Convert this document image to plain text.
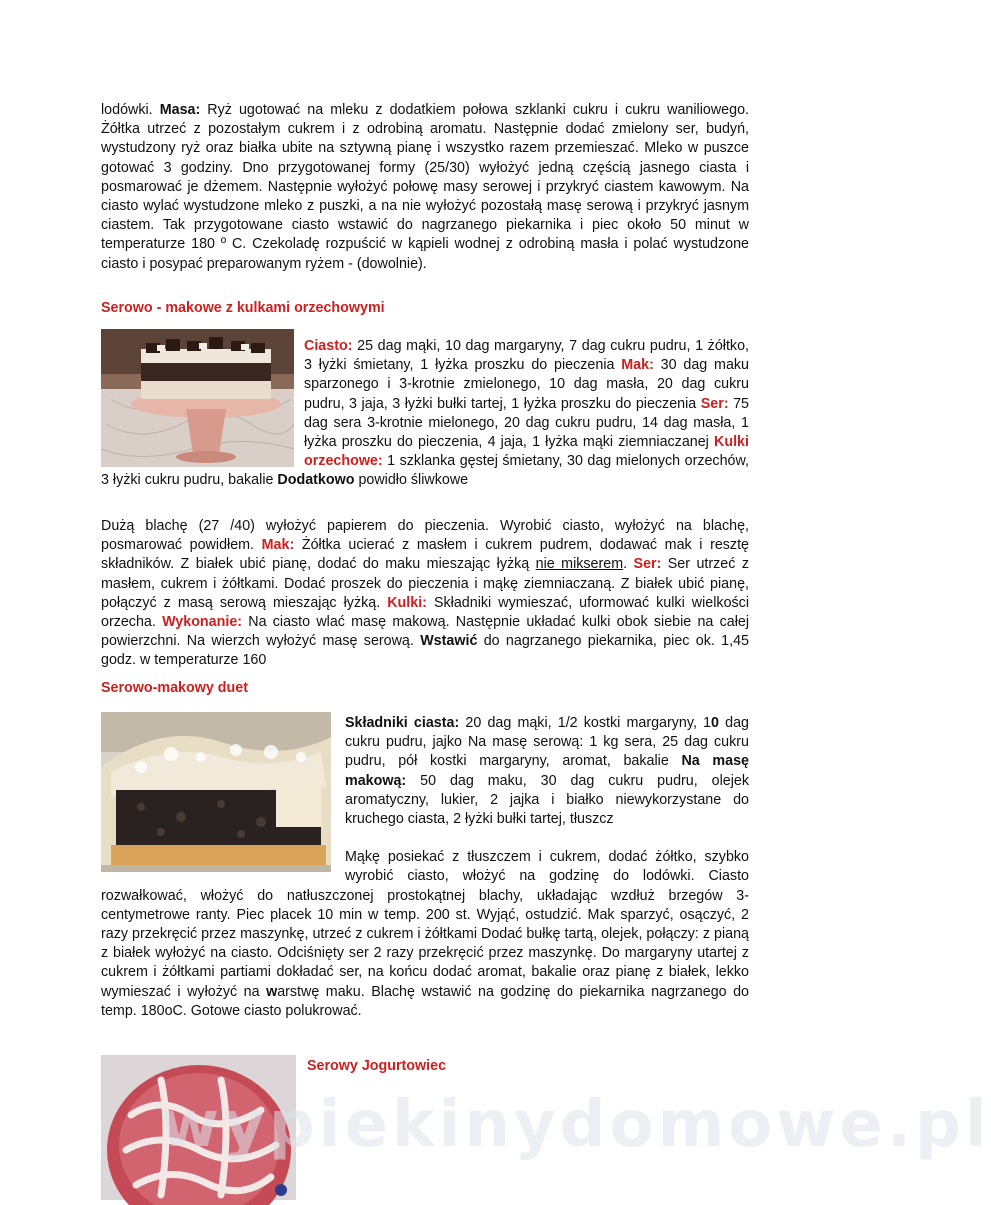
lodówki. Masa: Ryż ugotować na mleku z dodatkiem połowa szklanki cukru i cukru waniliowego. Żółtka utrzeć z pozostałym cukrem i z odrobiną aromatu. Następnie dodać zmielony ser, budyń, wystudzony ryż oraz białka ubite na sztywną pianę i wszystko razem przemieszać. Mleko w puszce gotować 3 godziny. Dno przygotowanej formy (25/30) wyłożyć jedną częścią jasnego ciasta i posmarować je dżemem. Następnie wyłożyć połowę masy serowej i przykryć ciastem kawowym. Na ciasto wylać wystudzone mleko z puszki, a na nie wyłożyć pozostałą masę serową i przykryć jasnym ciastem. Tak przygotowane ciasto wstawić do nagrzanego piekarnika i piec około 50 minut w temperaturze 180 º C. Czekoladę rozpuścić w kąpieli wodnej z odrobiną masła i polać wystudzone ciasto i posypać preparowanym ryżem - (dowolnie).

Serowo - makowe z kulkami orzechowymi

Ciasto: 25 dag mąki, 10 dag margaryny, 7 dag cukru pudru, 1 żółtko, 3 łyżki śmietany, 1 łyżka proszku do pieczenia Mak: 30 dag maku sparzonego i 3-krotnie zmielonego, 10 dag masła, 20 dag cukru pudru, 3 jaja, 3 łyżki bułki tartej, 1 łyżka proszku do pieczenia Ser: 75 dag sera 3-krotnie mielonego, 20 dag cukru pudru, 14 dag masła, 1 łyżka proszku do pieczenia, 4 jaja, 1 łyżka mąki ziemniaczanej Kulki orzechowe: 1 szklanka gęstej śmietany, 30 dag mielonych orzechów, 3 łyżki cukru pudru, bakalie Dodatkowo powidło śliwkowe

Dużą blachę (27 /40) wyłożyć papierem do pieczenia. Wyrobić ciasto, wyłożyć na blachę, posmarować powidłem. Mak: Żółtka ucierać z masłem i cukrem pudrem, dodawać mak i resztę składników. Z białek ubić pianę, dodać do maku mieszając łyżką nie mikserem. Ser: Ser utrzeć z masłem, cukrem i żółtkami. Dodać proszek do pieczenia i mąkę ziemniaczaną. Z białek ubić pianę, połączyć z masą serową mieszając łyżką. Kulki: Składniki wymieszać, uformować kulki wielkości orzecha. Wykonanie: Na ciasto wlać masę makową. Następnie układać kulki obok siebie na całej powierzchni. Na wierzch wyłożyć masę serową. Wstawić do nagrzanego piekarnika, piec ok. 1,45 godz. w temperaturze 160

Serowo-makowy duet

Składniki ciasta: 20 dag mąki, 1/2 kostki margaryny, 10 dag cukru pudru, jajko Na masę serową: 1 kg sera, 25 dag cukru pudru, pół kostki margaryny, aromat, bakalie Na masę makową: 50 dag maku, 30 dag cukru pudru, olejek aromatyczny, lukier, 2 jajka i białko niewykorzystane do kruchego ciasta, 2 łyżki bułki tartej, tłuszcz
Mąkę posiekać z tłuszczem i cukrem, dodać żółtko, szybko wyrobić ciasto, włożyć na godzinę do lodówki. Ciasto rozwałkować, włożyć do natłuszczonej prostokątnej blachy, układając wzdłuż brzegów 3-centymetrowe ranty. Piec placek 10 min w temp. 200 st. Wyjąć, ostudzić. Mak sparzyć, osączyć, 2 razy przekręcić przez maszynkę, utrzeć z cukrem i żółtkami Dodać bułkę tartą, olejek, połączy: z pianą z białek wyłożyć na ciasto. Odciśnięty ser 2 razy przekręcić przez maszynkę. Do margaryny utartej z cukrem i żółtkami partiami dokładać ser, na końcu dodać aromat, bakalie oraz pianę z białek, lekko wymieszać i wyłożyć na warstwę maku. Blachę wstawić na godzinę do piekarnika nagrzanego do temp. 180oC. Gotowe ciasto polukrować.

Serowy Jogurtowiec

wypiekinydomowe.pl
